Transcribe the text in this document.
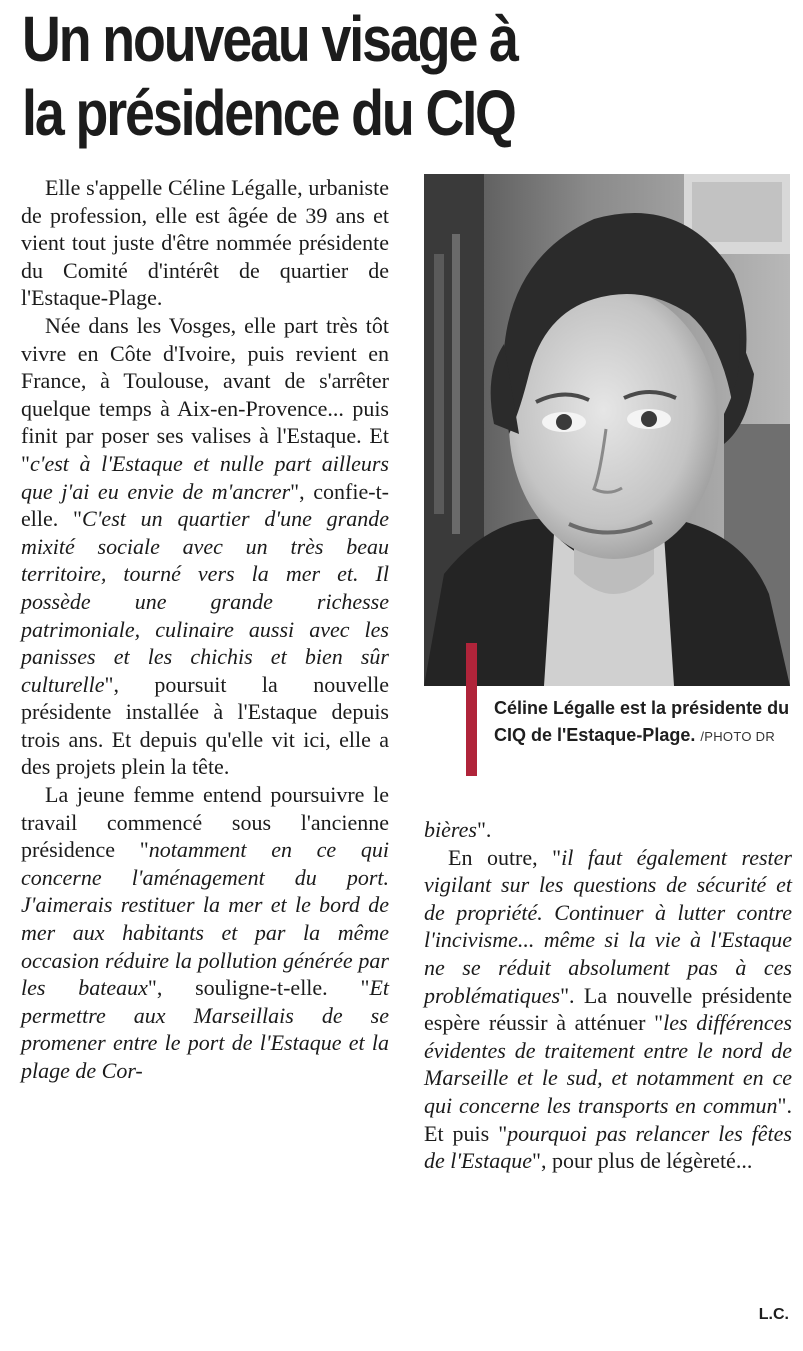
Un nouveau visage à
la présidence du CIQ

Elle s'appelle Céline Légalle, urbaniste de profession, elle est âgée de 39 ans et vient tout juste d'être nommée présidente du Comité d'intérêt de quartier de l'Estaque-Plage.

Née dans les Vosges, elle part très tôt vivre en Côte d'Ivoire, puis revient en France, à Toulouse, avant de s'arrêter quelque temps à Aix-en-Provence... puis finit par poser ses valises à l'Estaque. Et "c'est à l'Estaque et nulle part ailleurs que j'ai eu envie de m'ancrer", confie-t-elle. "C'est un quartier d'une grande mixité sociale avec un très beau territoire, tourné vers la mer et. Il possède une grande richesse patrimoniale, culinaire aussi avec les panisses et les chichis et bien sûr culturelle", poursuit la nouvelle présidente installée à l'Estaque depuis trois ans. Et depuis qu'elle vit ici, elle a des projets plein la tête.

La jeune femme entend poursuivre le travail commencé sous l'ancienne présidence "notamment en ce qui concerne l'aménagement du port. J'aimerais restituer la mer et le bord de mer aux habitants et par la même occasion réduire la pollution générée par les bateaux", souligne-t-elle. "Et permettre aux Marseillais de se promener entre le port de l'Estaque et la plage de Cor-

Céline Légalle est la présidente du CIQ de l'Estaque-Plage. /PHOTO DR

bières".

En outre, "il faut également rester vigilant sur les questions de sécurité et de propriété. Continuer à lutter contre l'incivisme... même si la vie à l'Estaque ne se réduit absolument pas à ces problématiques". La nouvelle présidente espère réussir à atténuer "les différences évidentes de traitement entre le nord de Marseille et le sud, et notamment en ce qui concerne les transports en commun". Et puis "pourquoi pas relancer les fêtes de l'Estaque", pour plus de légèreté...

L.C.
